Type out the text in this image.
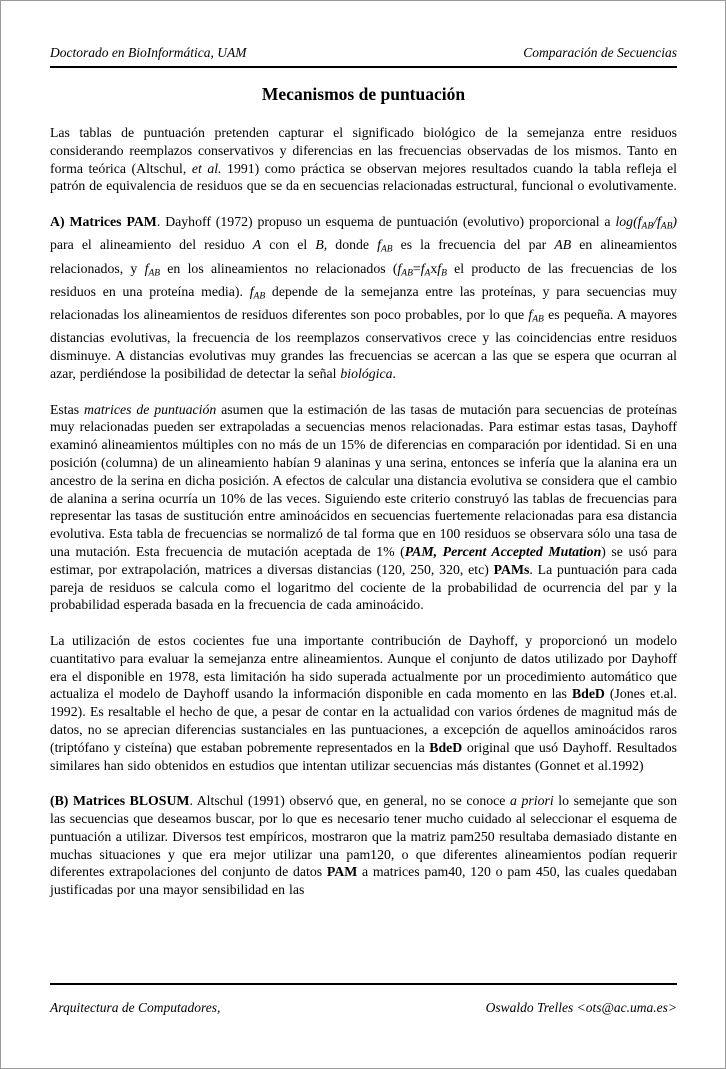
Doctorado en BioInformática, UAM	Comparación de Secuencias
Mecanismos de puntuación

Las tablas de puntuación pretenden capturar el significado biológico de la semejanza entre residuos considerando reemplazos conservativos y diferencias en las frecuencias observadas de los mismos. Tanto en forma teórica (Altschul, et al. 1991) como práctica se observan mejores resultados cuando la tabla refleja el patrón de equivalencia de residuos que se da en secuencias relacionadas estructural, funcional o evolutivamente.

A) Matrices PAM. Dayhoff (1972) propuso un esquema de puntuación (evolutivo) proporcional a log(fAB/fAB) para el alineamiento del residuo A con el B, donde fAB es la frecuencia del par AB en alineamientos relacionados, y fAB en los alineamientos no relacionados (fAB=fAxfB el producto de las frecuencias de los residuos en una proteína media). fAB depende de la semejanza entre las proteínas, y para secuencias muy relacionadas los alineamientos de residuos diferentes son poco probables, por lo que fAB es pequeña. A mayores distancias evolutivas, la frecuencia de los reemplazos conservativos crece y las coincidencias entre residuos disminuye. A distancias evolutivas muy grandes las frecuencias se acercan a las que se espera que ocurran al azar, perdiéndose la posibilidad de detectar la señal biológica.

Estas matrices de puntuación asumen que la estimación de las tasas de mutación para secuencias de proteínas muy relacionadas pueden ser extrapoladas a secuencias menos relacionadas. Para estimar estas tasas, Dayhoff examinó alineamientos múltiples con no más de un 15% de diferencias en comparación por identidad. Si en una posición (columna) de un alineamiento habían 9 alaninas y una serina, entonces se infería que la alanina era un ancestro de la serina en dicha posición. A efectos de calcular una distancia evolutiva se considera que el cambio de alanina a serina ocurría un 10% de las veces. Siguiendo este criterio construyó las tablas de frecuencias para representar las tasas de sustitución entre aminoácidos en secuencias fuertemente relacionadas para esa distancia evolutiva. Esta tabla de frecuencias se normalizó de tal forma que en 100 residuos se observara sólo una tasa de una mutación. Esta frecuencia de mutación aceptada de 1% (PAM, Percent Accepted Mutation) se usó para estimar, por extrapolación, matrices a diversas distancias (120, 250, 320, etc) PAMs. La puntuación para cada pareja de residuos se calcula como el logaritmo del cociente de la probabilidad de ocurrencia del par y la probabilidad esperada basada en la frecuencia de cada aminoácido.

La utilización de estos cocientes fue una importante contribución de Dayhoff, y proporcionó un modelo cuantitativo para evaluar la semejanza entre alineamientos. Aunque el conjunto de datos utilizado por Dayhoff era el disponible en 1978, esta limitación ha sido superada actualmente por un procedimiento automático que actualiza el modelo de Dayhoff usando la información disponible en cada momento en las BdeD (Jones et.al. 1992). Es resaltable el hecho de que, a pesar de contar en la actualidad con varios órdenes de magnitud más de datos, no se aprecian diferencias sustanciales en las puntuaciones, a excepción de aquellos aminoácidos raros (triptófano y cisteína) que estaban pobremente representados en la BdeD original que usó Dayhoff. Resultados similares han sido obtenidos en estudios que intentan utilizar secuencias más distantes (Gonnet et al.1992)

(B) Matrices BLOSUM. Altschul (1991) observó que, en general, no se conoce a priori lo semejante que son las secuencias que deseamos buscar, por lo que es necesario tener mucho cuidado al seleccionar el esquema de puntuación a utilizar. Diversos test empíricos, mostraron que la matriz pam250 resultaba demasiado distante en muchas situaciones y que era mejor utilizar una pam120, o que diferentes alineamientos podían requerir diferentes extrapolaciones del conjunto de datos PAM a matrices pam40, 120 o pam 450, las cuales quedaban justificadas por una mayor sensibilidad en las

Arquitectura de Computadores,	Oswaldo Trelles <ots@ac.uma.es>
